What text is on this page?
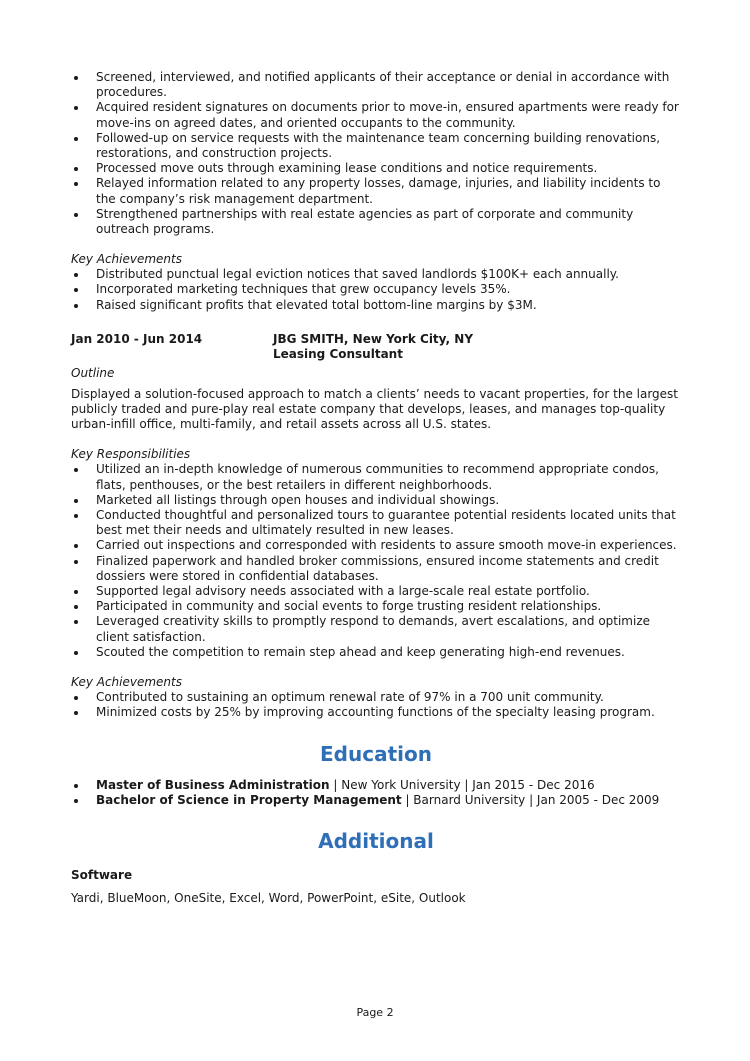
Screened, interviewed, and notified applicants of their acceptance or denial in accordance with procedures.
Acquired resident signatures on documents prior to move-in, ensured apartments were ready for move-ins on agreed dates, and oriented occupants to the community.
Followed-up on service requests with the maintenance team concerning building renovations, restorations, and construction projects.
Processed move outs through examining lease conditions and notice requirements.
Relayed information related to any property losses, damage, injuries, and liability incidents to the company’s risk management department.
Strengthened partnerships with real estate agencies as part of corporate and community outreach programs.
Key Achievements
Distributed punctual legal eviction notices that saved landlords $100K+ each annually.
Incorporated marketing techniques that grew occupancy levels 35%.
Raised significant profits that elevated total bottom-line margins by $3M.
Jan 2010 - Jun 2014	JBG SMITH, New York City, NY
Leasing Consultant
Outline
Displayed a solution-focused approach to match a clients’ needs to vacant properties, for the largest publicly traded and pure-play real estate company that develops, leases, and manages top-quality urban-infill office, multi-family, and retail assets across all U.S. states.
Key Responsibilities
Utilized an in-depth knowledge of numerous communities to recommend appropriate condos, flats, penthouses, or the best retailers in different neighborhoods.
Marketed all listings through open houses and individual showings.
Conducted thoughtful and personalized tours to guarantee potential residents located units that best met their needs and ultimately resulted in new leases.
Carried out inspections and corresponded with residents to assure smooth move-in experiences.
Finalized paperwork and handled broker commissions, ensured income statements and credit dossiers were stored in confidential databases.
Supported legal advisory needs associated with a large-scale real estate portfolio.
Participated in community and social events to forge trusting resident relationships.
Leveraged creativity skills to promptly respond to demands, avert escalations, and optimize client satisfaction.
Scouted the competition to remain step ahead and keep generating high-end revenues.
Key Achievements
Contributed to sustaining an optimum renewal rate of 97% in a 700 unit community.
Minimized costs by 25% by improving accounting functions of the specialty leasing program.
Education
Master of Business Administration | New York University | Jan 2015 - Dec 2016
Bachelor of Science in Property Management | Barnard University | Jan 2005 - Dec 2009
Additional
Software
Yardi, BlueMoon, OneSite, Excel, Word, PowerPoint, eSite, Outlook
Page 2
